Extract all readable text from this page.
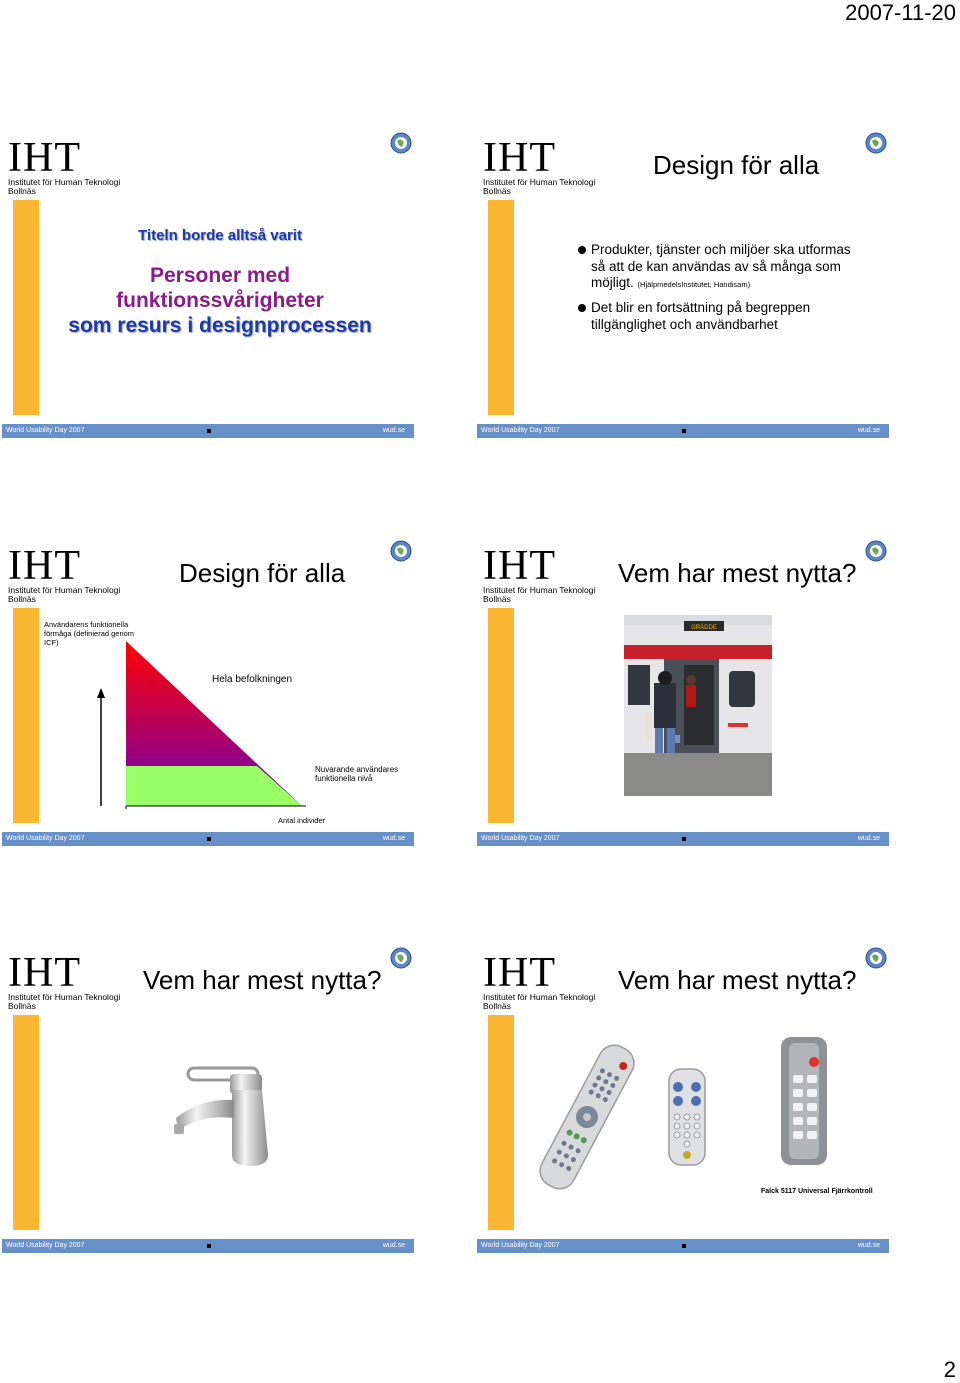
2007-11-20
IHT
Institutet för Human Teknologi
Bollnäs
Titeln borde alltså varit
Personer med
funktionssvårigheter
som resurs i designprocessen
World Usability Day 2007	wud.se
IHT
Institutet för Human Teknologi
Bollnäs
Design för alla
Produkter, tjänster och miljöer ska utformas så att de kan användas av så många som möjligt. (HjälpmedelsInstitutet, Handisam)
Det blir en fortsättning på begreppen tillgänglighet och användbarhet
World Usability Day 2007	wud.se
IHT
Institutet för Human Teknologi
Bollnäs
Design för alla
Användarens funktionella förmåga (definierad genom ICF)
Hela befolkningen
Nuvarande användares funktionella nivå
Antal individer
World Usability Day 2007	wud.se
IHT
Institutet för Human Teknologi
Bollnäs
Vem har mest nytta?
GRÄDDE
World Usability Day 2007	wud.se
IHT
Institutet för Human Teknologi
Bollnäs
Vem har mest nytta?
World Usability Day 2007	wud.se
IHT
Institutet för Human Teknologi
Bollnäs
Vem har mest nytta?
Falck 5117 Universal Fjärrkontroll
World Usability Day 2007	wud.se
2
